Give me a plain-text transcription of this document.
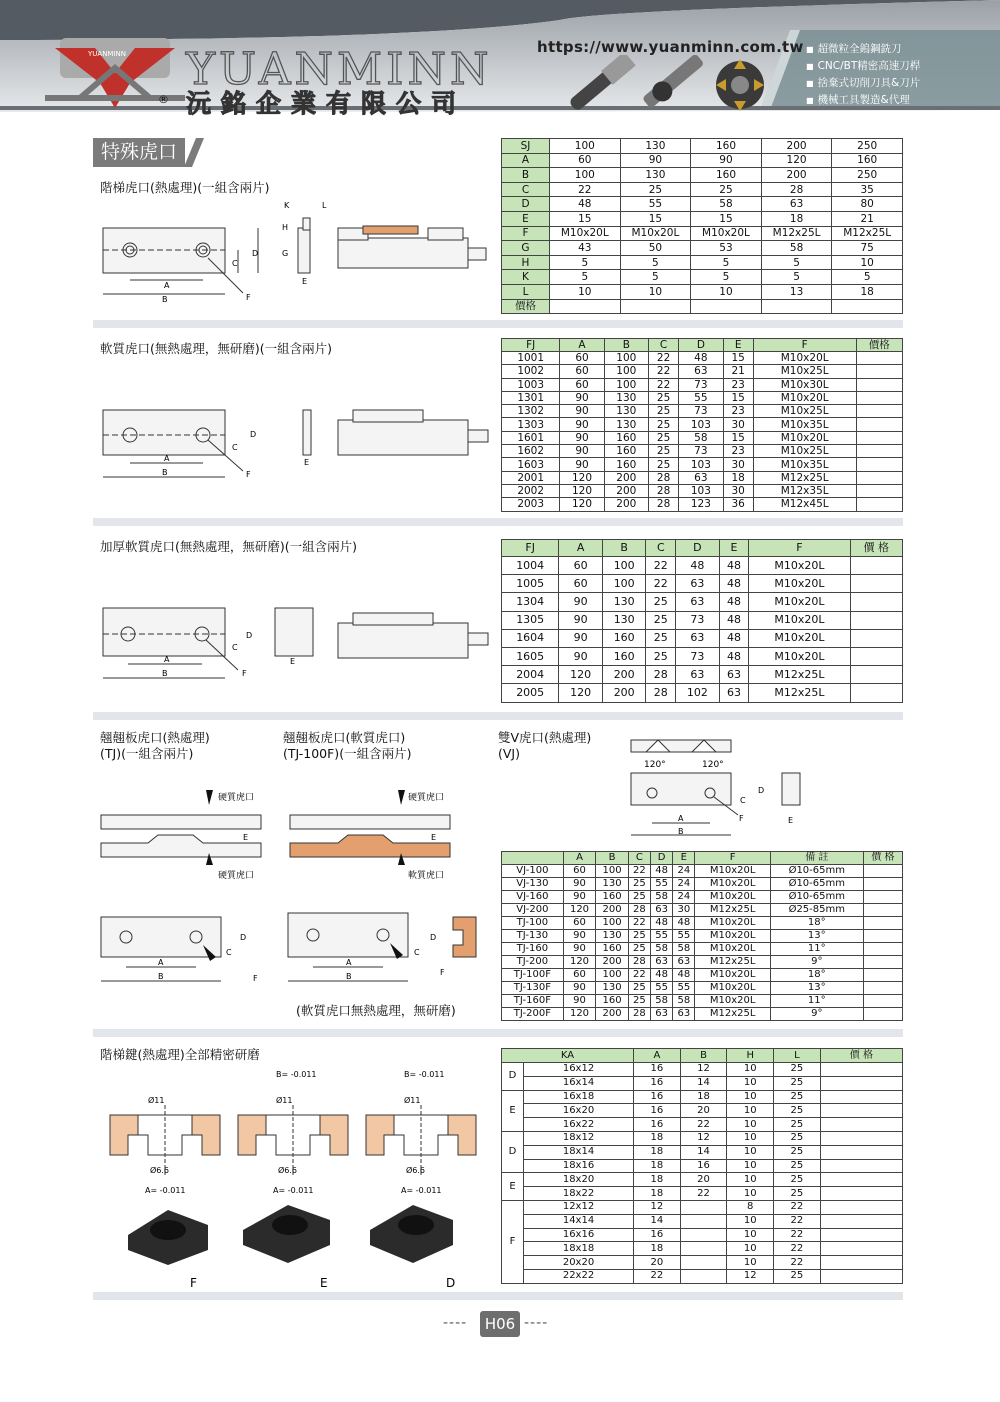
YUANMINN YUANMINN
® 沅銘企業有限公司
https://www.yuanminn.com.tw	■ 超微粒全鎢鋼銑刀
■ CNC/BT精密高速刀桿
■ 捨棄式切削刀具&刀片
■ 機械工具製造&代理
特殊虎口
階梯虎口(熱處理)(一組含兩片)
A
B
C
D
F
K	L
H
G
E
SJ	100	130	160	200	250
A	60	90	90	120	160
B	100	130	160	200	250
C	22	25	25	28	35
D	48	55	58	63	80
E	15	15	15	18	21
F	M10x20L	M10x20L	M10x20L	M12x25L	M12x25L
G	43	50	53	58	75
H	5	5	5	5	10
K	5	5	5	5	5
L	10	10	10	13	18
價格					
軟質虎口(無熱處理，無研磨)(一組含兩片)
A
B
C
D
F
E
FJ	A	B	C	D	E	F	價格
1001	60	100	22	48	15	M10x20L	
1002	60	100	22	63	21	M10x25L	
1003	60	100	22	73	23	M10x30L	
1301	90	130	25	55	15	M10x20L	
1302	90	130	25	73	23	M10x25L	
1303	90	130	25	103	30	M10x35L	
1601	90	160	25	58	15	M10x20L	
1602	90	160	25	73	23	M10x25L	
1603	90	160	25	103	30	M10x35L	
2001	120	200	28	63	18	M12x25L	
2002	120	200	28	103	30	M12x35L	
2003	120	200	28	123	36	M12x45L	
加厚軟質虎口(無熱處理，無研磨)(一組含兩片)
A
B
C
D
F
E
FJ	A	B	C	D	E	F	價 格
1004	60	100	22	48	48	M10x20L	
1005	60	100	22	63	48	M10x20L	
1304	90	130	25	63	48	M10x20L	
1305	90	130	25	73	48	M10x20L	
1604	90	160	25	63	48	M10x20L	
1605	90	160	25	73	48	M10x20L	
2004	120	200	28	63	63	M12x25L	
2005	120	200	28	102	63	M12x25L	
翹翹板虎口(熱處理)
(TJ)(一組含兩片)
翹翹板虎口(軟質虎口)
(TJ-100F)(一組含兩片)
雙V虎口(熱處理)
(VJ)
硬質虎口
硬質虎口
E
硬質虎口
軟質虎口
E
A
B
C
D
F
A
B
C
D
F
(軟質虎口無熱處理，無研磨)
120°	120°
A
B
C
D
F	E
	A	B	C	D	E	F	備 註	價 格
VJ-100	60	100	22	48	24	M10x20L	Ø10-65mm	
VJ-130	90	130	25	55	24	M10x20L	Ø10-65mm	
VJ-160	90	160	25	58	24	M10x20L	Ø10-65mm	
VJ-200	120	200	28	63	30	M12x25L	Ø25-85mm	
TJ-100	60	100	22	48	48	M10x20L	18°	
TJ-130	90	130	25	55	55	M10x20L	13°	
TJ-160	90	160	25	58	58	M10x20L	11°	
TJ-200	120	200	28	63	63	M12x25L	9°	
TJ-100F	60	100	22	48	48	M10x20L	18°	
TJ-130F	90	130	25	55	55	M10x20L	13°	
TJ-160F	90	160	25	58	58	M10x20L	11°	
TJ-200F	120	200	28	63	63	M12x25L	9°	
階梯鍵(熱處理)全部精密研磨
Ø11
Ø6.6
A= -0.011
Ø11
Ø6.6
A= -0.011
B= -0.011
Ø11
Ø6.6
A= -0.011
B= -0.011
F	E	D
KA		A	B	H	L	價 格
D	16x12	16	12	10	25	
	16x14	16	14	10	25	
E	16x18	16	18	10	25	
	16x20	16	20	10	25	
	16x22	16	22	10	25	
D	18x12	18	12	10	25	
	18x14	18	14	10	25	
	18x16	18	16	10	25	
E	18x20	18	20	10	25	
	18x22	18	22	10	25	
F	12x12	12		8	22	
	14x14	14		10	22	
	16x16	16		10	22	
	18x18	18		10	22	
	20x20	20		10	22	
	22x22	22		12	25	
----	H06 ----
